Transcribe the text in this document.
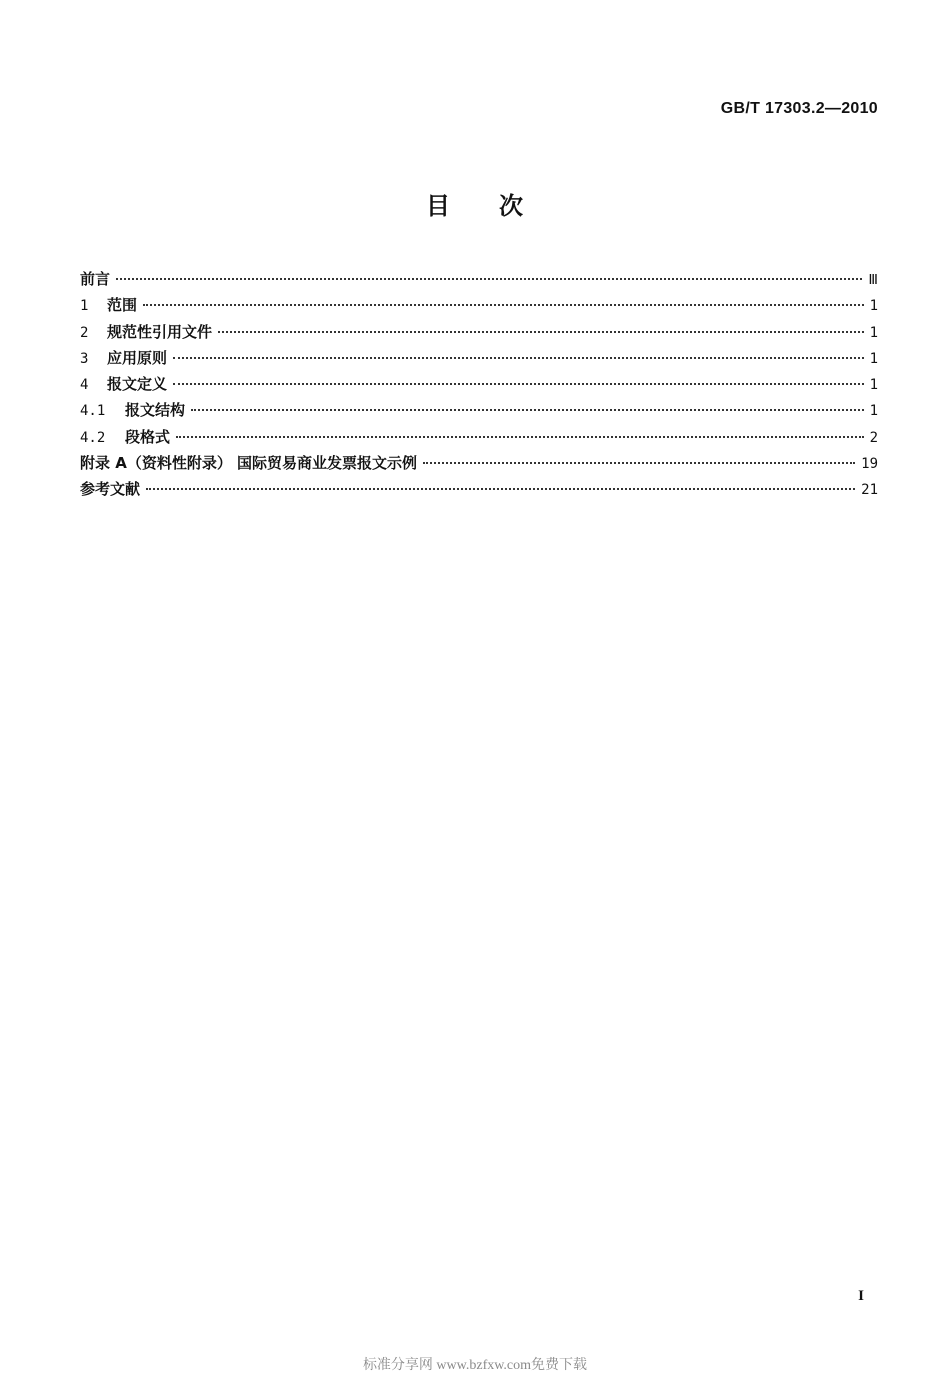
GB/T 17303.2—2010
目 次
前言	Ⅲ
1	范围	1
2	规范性引用文件	1
3	应用原则	1
4	报文定义	1
4.1	报文结构	1
4.2	段格式	2
附录 A（资料性附录） 国际贸易商业发票报文示例	19
参考文献	21
I
标准分享网 www.bzfxw.com免费下载
